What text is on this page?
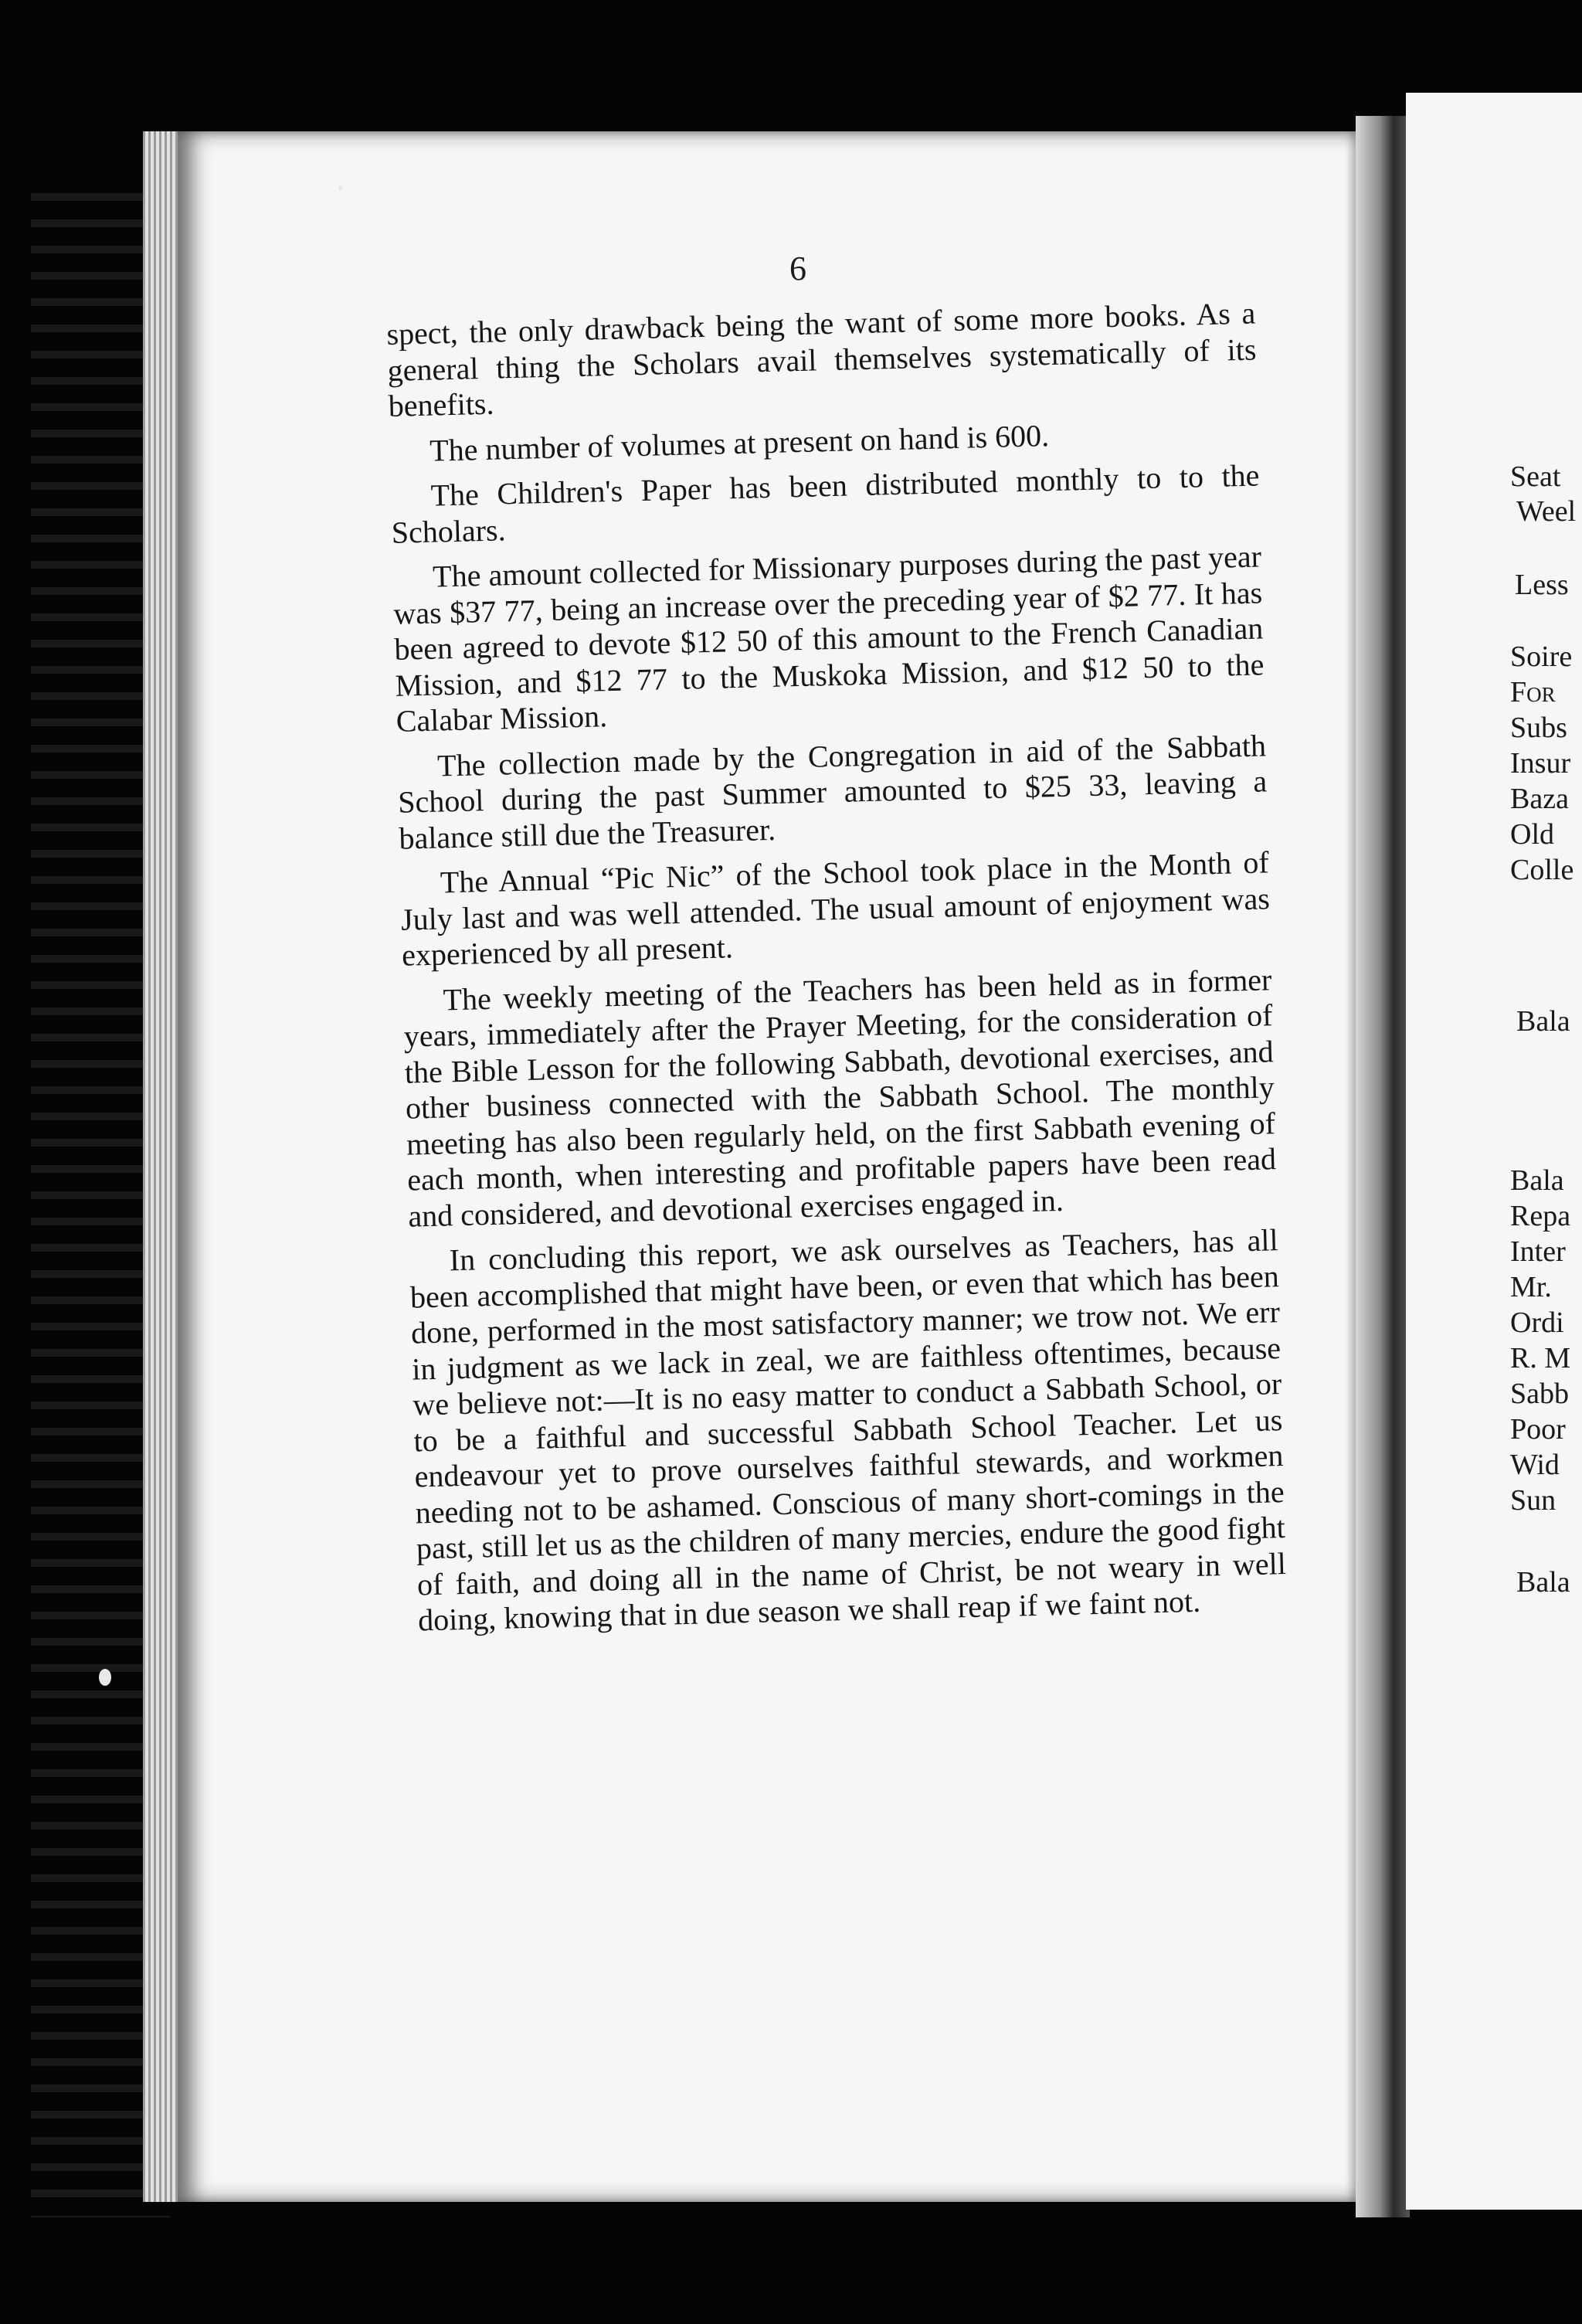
6

spect, the only drawback being the want of some more books. As a general thing the Scholars avail themselves systematically of its benefits.

The number of volumes at present on hand is 600.

The Children's Paper has been distributed monthly to to the Scholars.

The amount collected for Missionary purposes during the past year was $37 77, being an increase over the preceding year of $2 77. It has been agreed to devote $12 50 of this amount to the French Canadian Mission, and $12 77 to the Muskoka Mission, and $12 50 to the Calabar Mission.

The collection made by the Congregation in aid of the Sabbath School during the past Summer amounted to $25 33, leaving a balance still due the Treasurer.

The Annual “Pic Nic” of the School took place in the Month of July last and was well attended. The usual amount of enjoyment was experienced by all present.

The weekly meeting of the Teachers has been held as in former years, immediately after the Prayer Meeting, for the consideration of the Bible Lesson for the following Sabbath, devotional exercises, and other business connected with the Sabbath School. The monthly meeting has also been regularly held, on the first Sabbath evening of each month, when interesting and profitable papers have been read and considered, and devotional exercises engaged in.

In concluding this report, we ask ourselves as Teachers, has all been accomplished that might have been, or even that which has been done, performed in the most satisfactory manner; we trow not. We err in judgment as we lack in zeal, we are faithless oftentimes, because we believe not:—It is no easy matter to conduct a Sabbath School, or to be a faithful and successful Sabbath School Teacher. Let us endeavour yet to prove ourselves faithful stewards, and workmen needing not to be ashamed. Conscious of many short-comings in the past, still let us as the children of many mercies, endure the good fight of faith, and doing all in the name of Christ, be not weary in well doing, knowing that in due season we shall reap if we faint not.

Seat

Weel

Less

Soire

For

Subs

Insur

Baza

Old

Colle

Bala

Bala

Repa

Inter

Mr.

Ordi

R. M

Sabb

Poor

Wid

Sun

Bala
